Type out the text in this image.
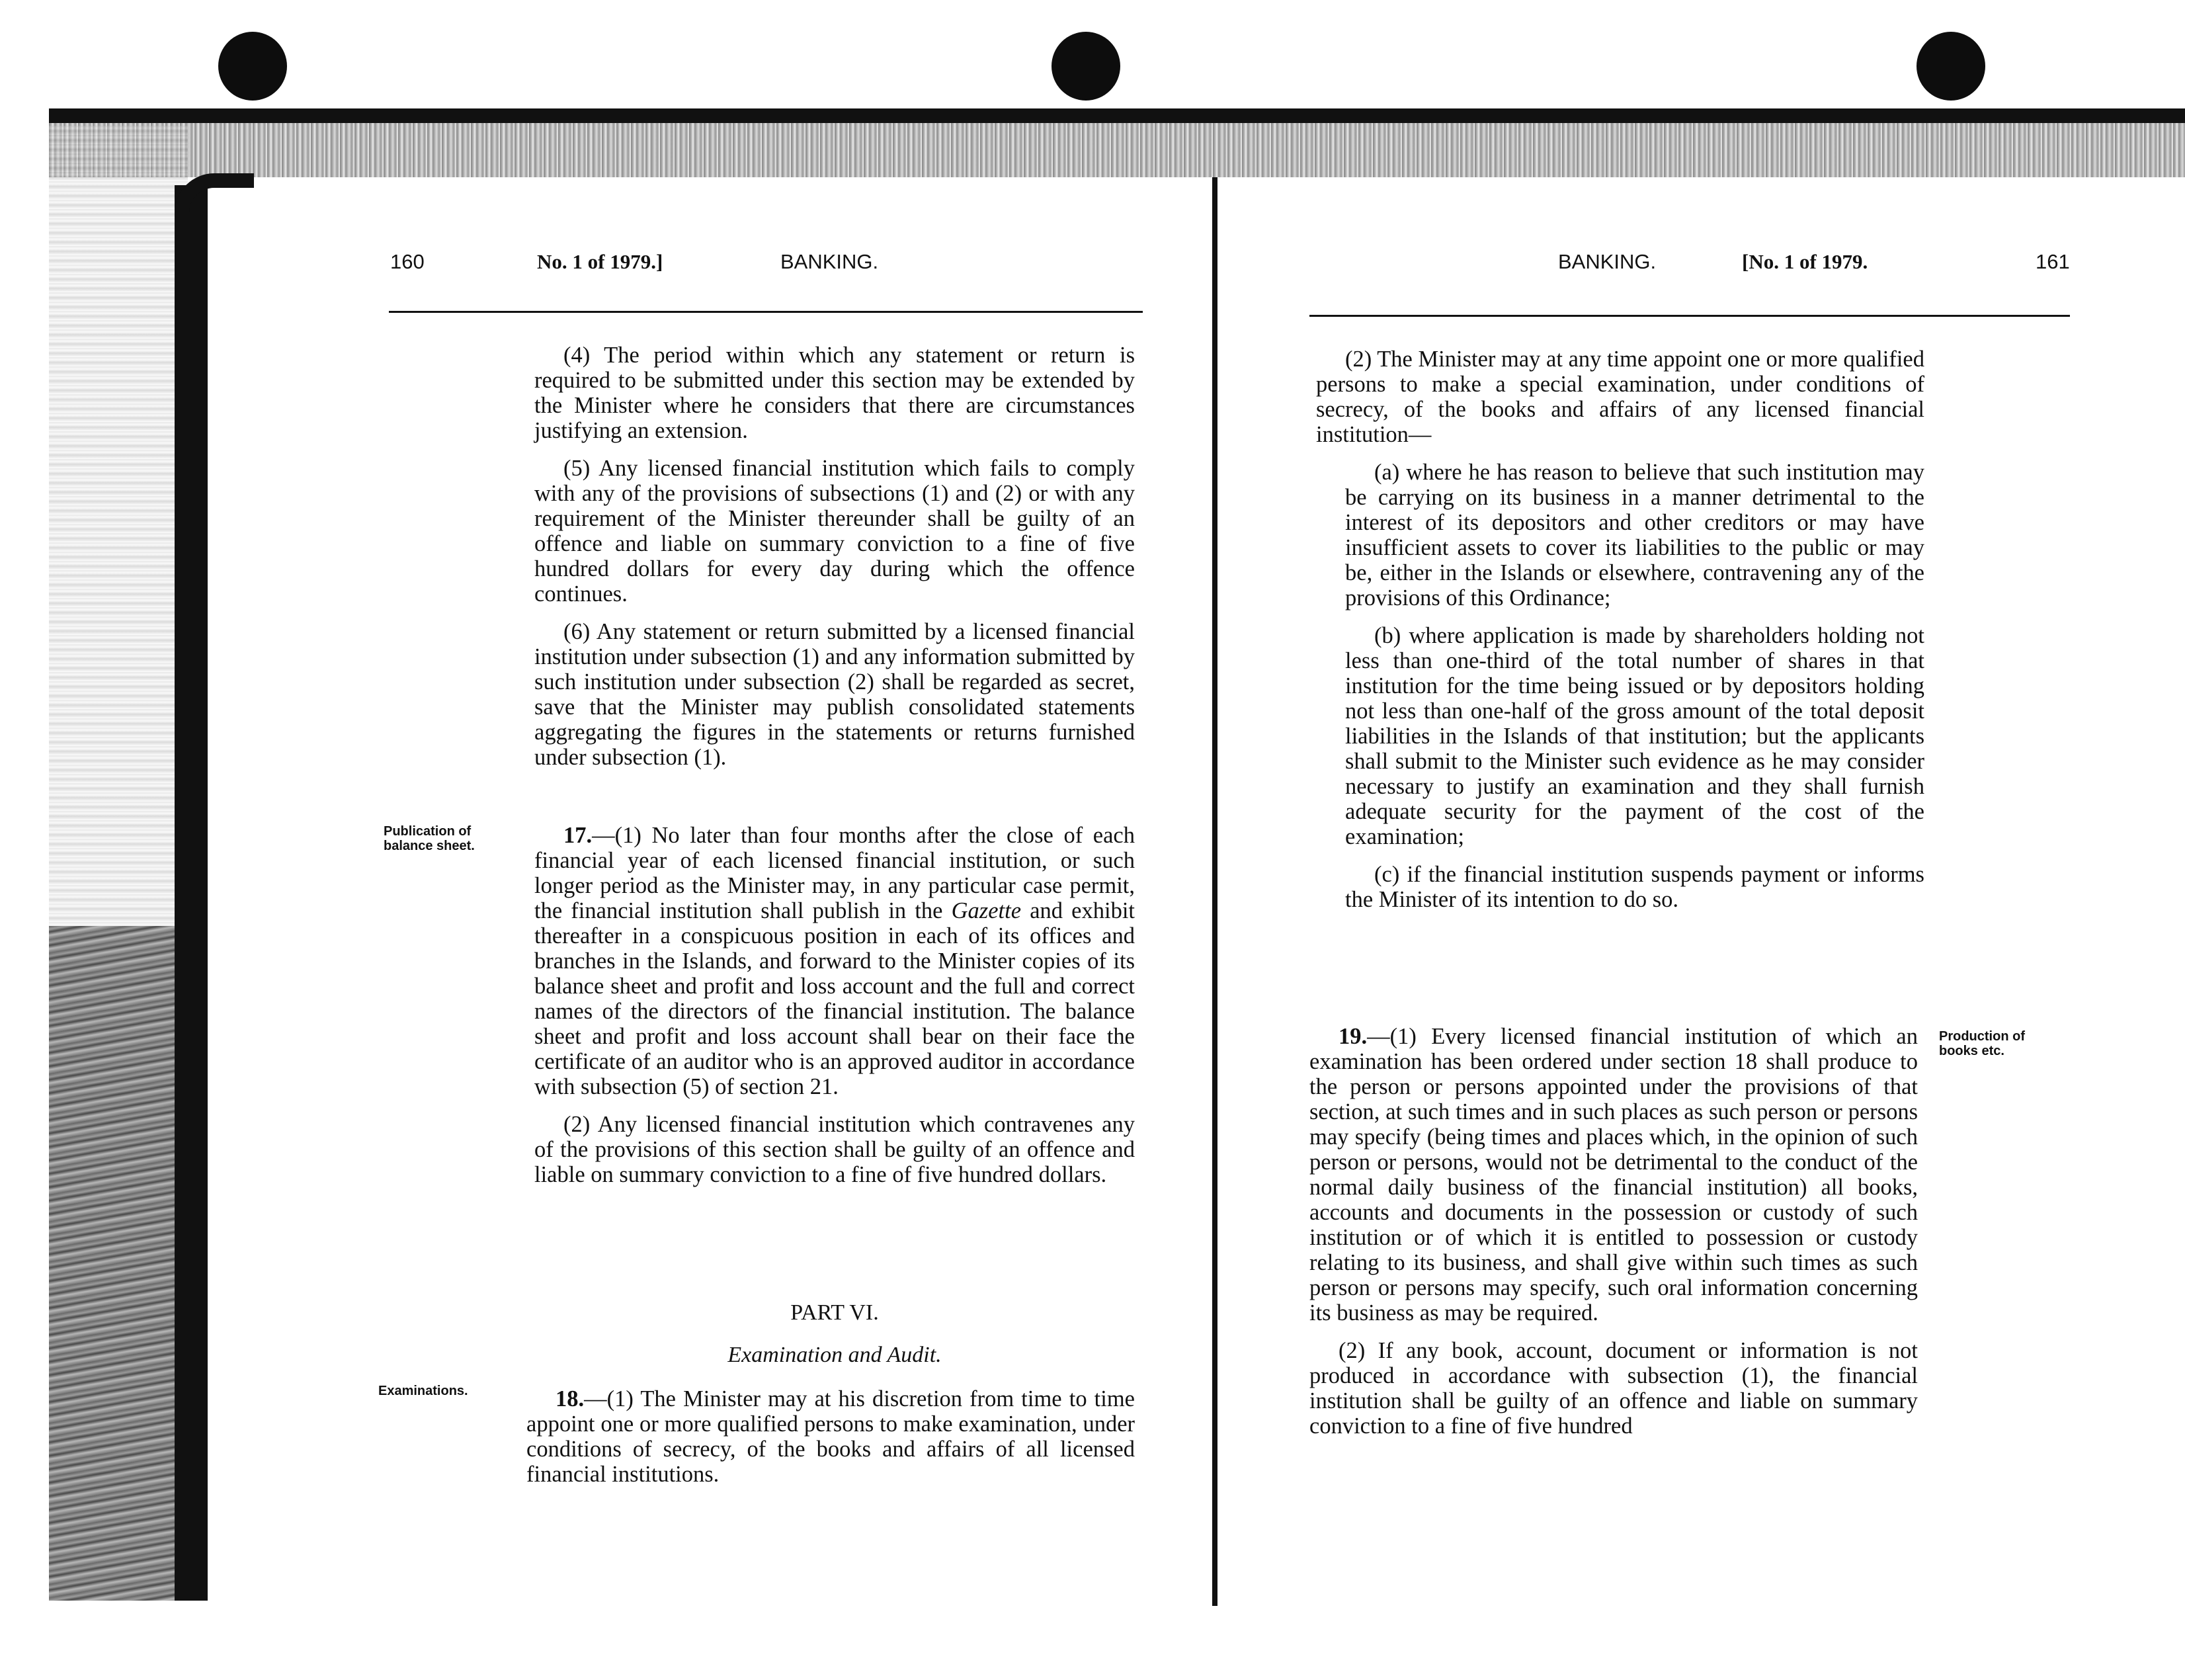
160	No. 1 of 1979.]	BANKING.
Publication of
balance sheet.
Examinations.

(4) The period within which any statement or return is required to be submitted under this section may be extended by the Minister where he considers that there are circumstances justifying an extension.

(5) Any licensed financial institution which fails to comply with any of the provisions of subsections (1) and (2) or with any requirement of the Minister thereunder shall be guilty of an offence and liable on summary conviction to a fine of five hundred dollars for every day during which the offence continues.

(6) Any statement or return submitted by a licensed financial institution under subsection (1) and any information submitted by such institution under subsection (2) shall be regarded as secret, save that the Minister may publish consolidated statements aggregating the figures in the statements or returns furnished under subsection (1).

17.—(1) No later than four months after the close of each financial year of each licensed financial institution, or such longer period as the Minister may, in any particular case permit, the financial institution shall publish in the Gazette and exhibit thereafter in a conspicuous position in each of its offices and branches in the Islands, and forward to the Minister copies of its balance sheet and profit and loss account and the full and correct names of the directors of the financial institution. The balance sheet and profit and loss account shall bear on their face the certificate of an auditor who is an approved auditor in accordance with subsection (5) of section 21.

(2) Any licensed financial institution which contravenes any of the provisions of this section shall be guilty of an offence and liable on summary conviction to a fine of five hundred dollars.

PART VI.
Examination and Audit.

18.—(1) The Minister may at his discretion from time to time appoint one or more qualified persons to make examination, under conditions of secrecy, of the books and affairs of all licensed financial institutions.

BANKING.	[No. 1 of 1979.	161
Production of
books etc.

(2) The Minister may at any time appoint one or more qualified persons to make a special examination, under conditions of secrecy, of the books and affairs of any licensed financial institution—

(a) where he has reason to believe that such institution may be carrying on its business in a manner detrimental to the interest of its depositors and other creditors or may have insufficient assets to cover its liabilities to the public or may be, either in the Islands or elsewhere, contravening any of the provisions of this Ordinance;

(b) where application is made by shareholders holding not less than one-third of the total number of shares in that institution for the time being issued or by depositors holding not less than one-half of the gross amount of the total deposit liabilities in the Islands of that institution; but the applicants shall submit to the Minister such evidence as he may consider necessary to justify an examination and they shall furnish adequate security for the payment of the cost of the examination;

(c) if the financial institution suspends payment or informs the Minister of its intention to do so.

19.—(1) Every licensed financial institution of which an examination has been ordered under section 18 shall produce to the person or persons appointed under the provisions of that section, at such times and in such places as such person or persons may specify (being times and places which, in the opinion of such person or persons, would not be detrimental to the conduct of the normal daily business of the financial institution) all books, accounts and documents in the possession or custody of such institution or of which it is entitled to possession or custody relating to its business, and shall give within such times as such person or persons may specify, such oral information concerning its business as may be required.

(2) If any book, account, document or information is not produced in accordance with subsection (1), the financial institution shall be guilty of an offence and liable on summary conviction to a fine of five hundred
